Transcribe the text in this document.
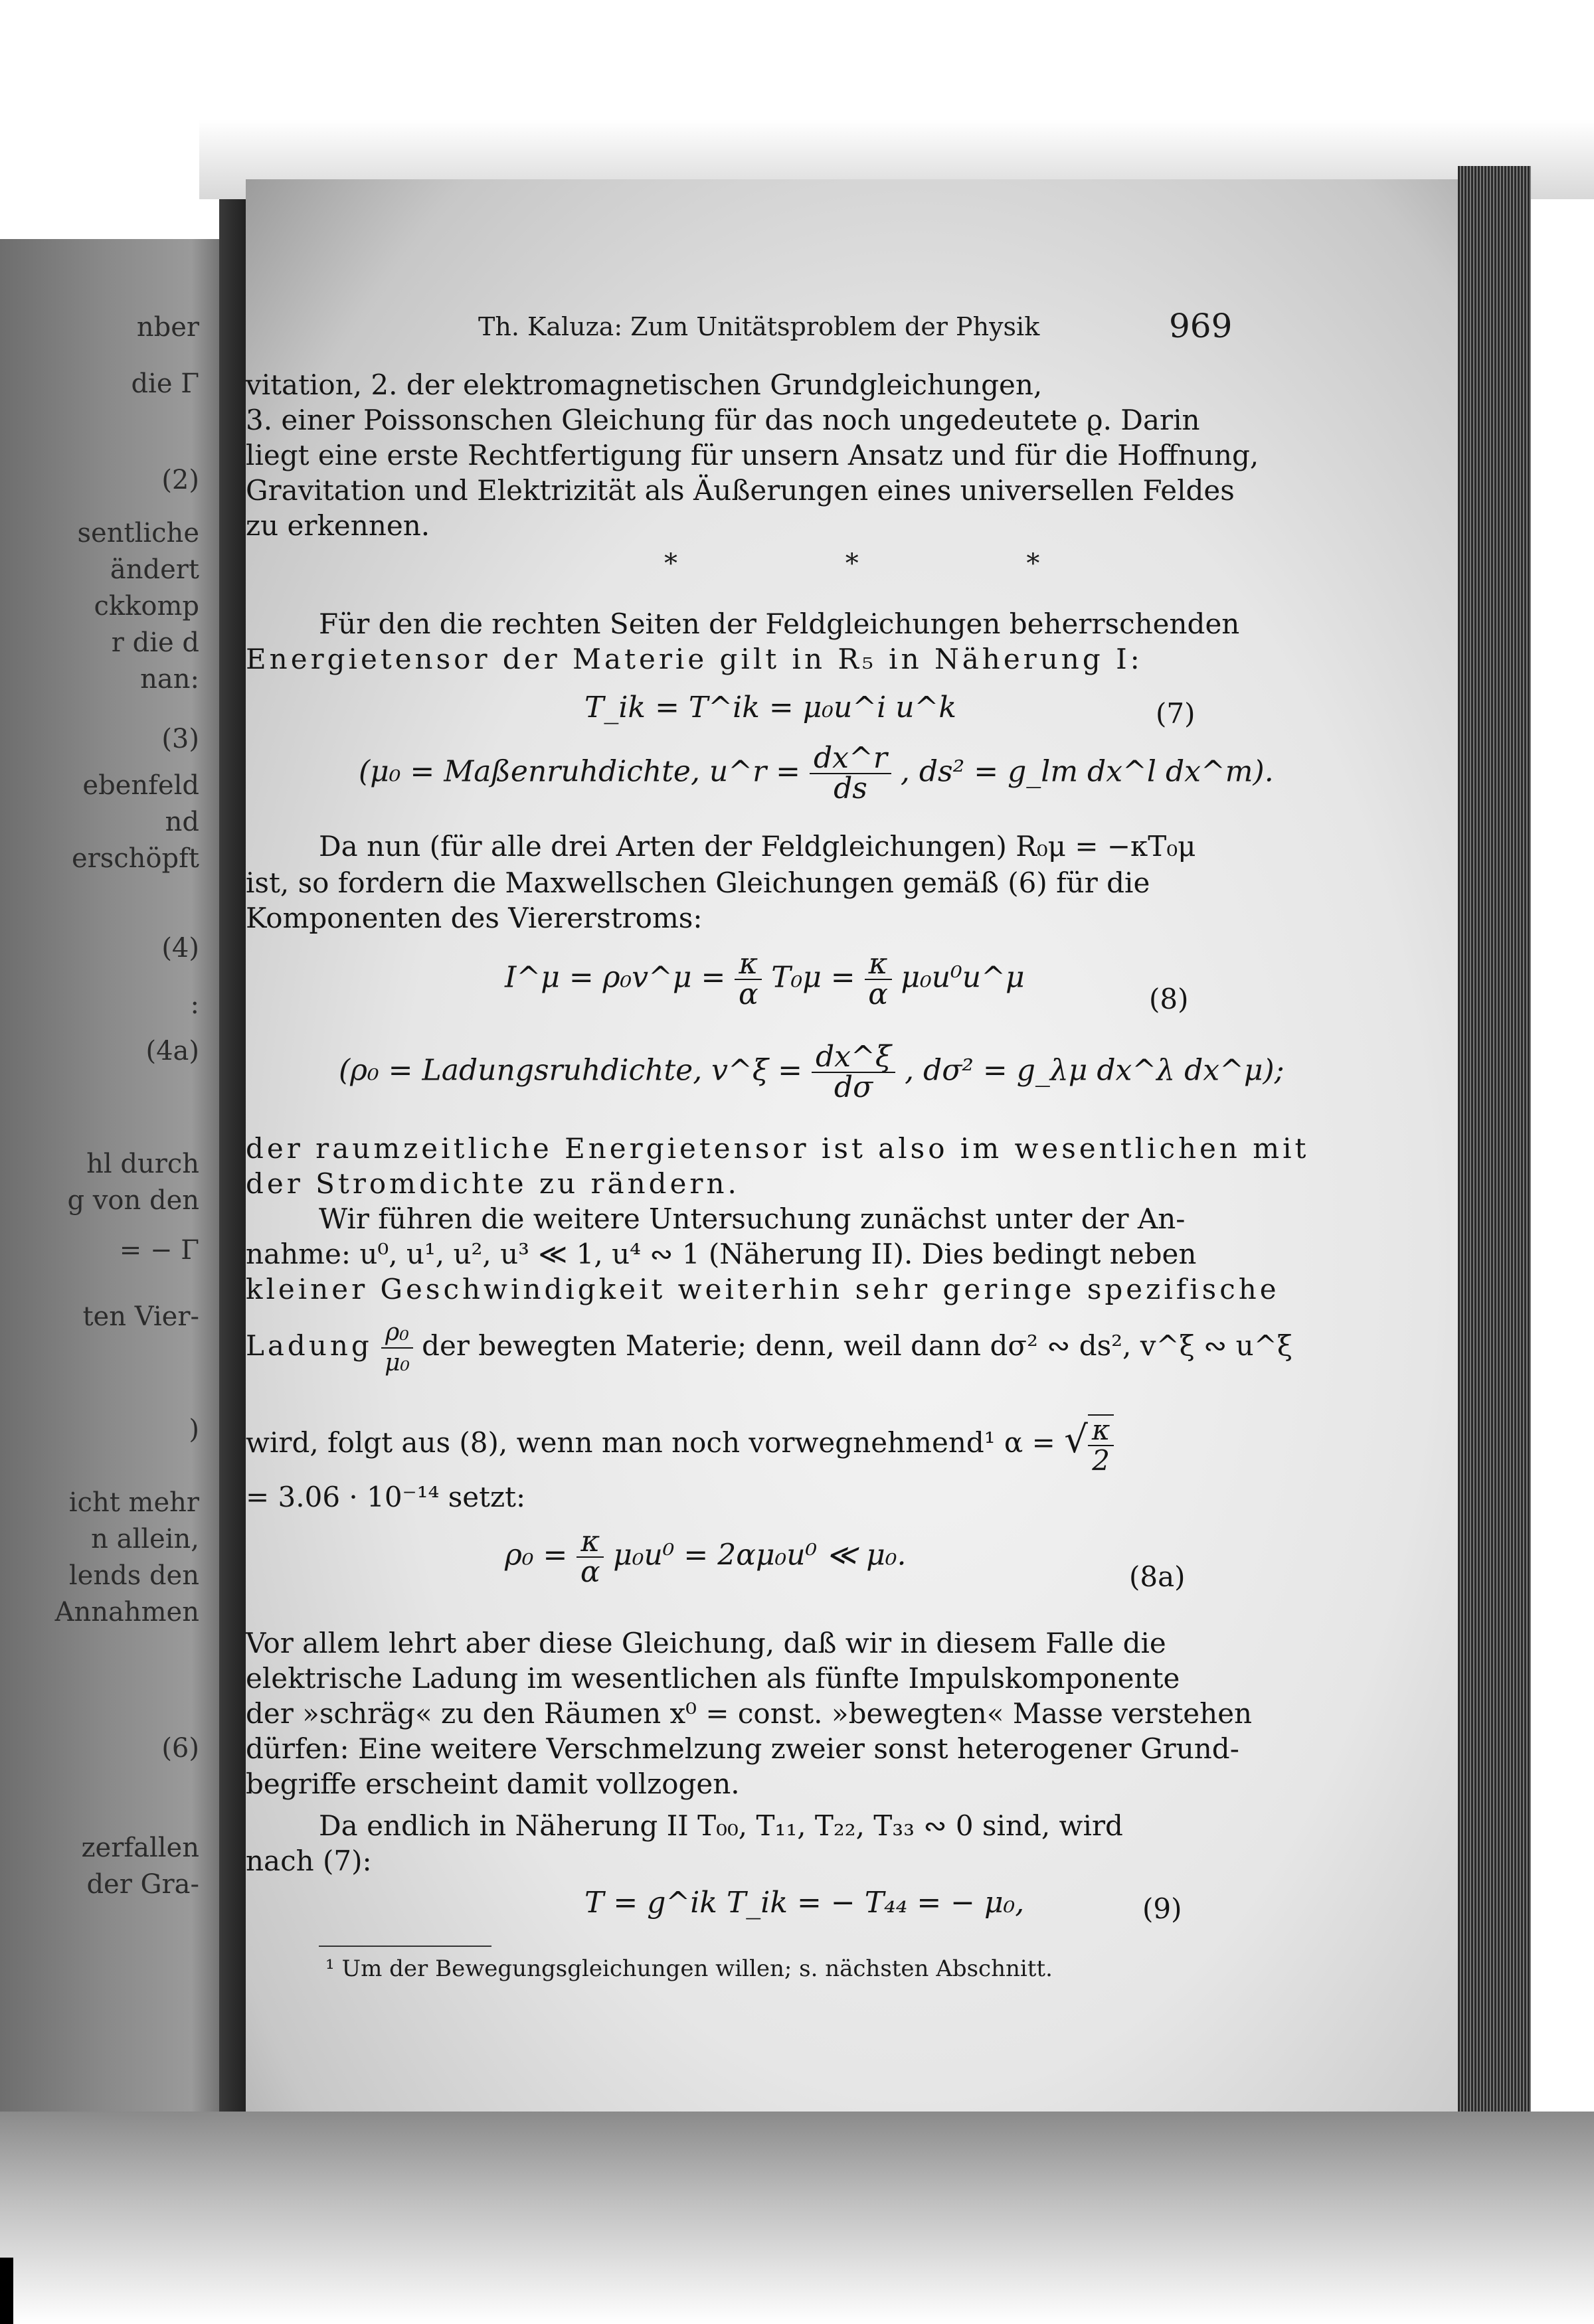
nber
die Γ
(2)
sentliche
ändert
ckkomp
r die d
nan:
(3)
ebenfeld
nd
erschöpft
(4)
:
(4a)
hl durch
g von den
= − Γ
ten Vier-
)
icht mehr
n allein,
lends den
Annahmen
(6)
zerfallen
der Gra-
Th. Kaluza: Zum Unitätsproblem der Physik	969
vitation, 2. der elektromagnetischen Grundgleichungen,
3. einer Poissonschen Gleichung für das noch ungedeutete ϱ. Darin
liegt eine erste Rechtfertigung für unsern Ansatz und für die Hoffnung,
Gravitation und Elektrizität als Äußerungen eines universellen Feldes
zu erkennen.
* * *
Für den die rechten Seiten der Feldgleichungen beherrschenden
Energietensor der Materie gilt in R₅ in Näherung I:
T_ik = T^ik = μ₀u^i u^k	(7)
(μ₀ = Maßenruhdichte, u^r = $\frac{dx\^{}r}{ds}$ , ds² = g_lm dx^l dx^m).
Da nun (für alle drei Arten der Feldgleichungen) R₀μ = −κT₀μ
ist, so fordern die Maxwellschen Gleichungen gemäß (6) für die
Komponenten des Viererstroms:
I^μ = ρ₀v^μ = $\frac{\kappa}{\alpha} T_0\mu = \frac{\kappa}{\alpha}$ μ₀u⁰u^μ
(8)
(ρ₀ = Ladungsruhdichte, v^ξ = $\frac{dx\^{}\xi}{d\sigma}$ , dσ² = g_λμ dx^λ dx^μ);
der raumzeitliche Energietensor ist also im wesentlichen mit
der Stromdichte zu rändern.
Wir führen die weitere Untersuchung zunächst unter der An-
nahme: u⁰, u¹, u², u³ ≪ 1, u⁴ ∾ 1 (Näherung II). Dies bedingt neben
kleiner Geschwindigkeit weiterhin sehr geringe spezifische
Ladung $\frac{\text{ρ₀}}{\text{μ₀}}$ der bewegten Materie; denn, weil dann dσ² ∾ ds², v^ξ ∾ u^ξ
wird, folgt aus (8), wenn man noch vorwegnehmend¹ α = √ $\frac{\kappa}{2}$
= 3.06 · 10⁻¹⁴ setzt:
$\rho_0 = \frac{\kappa}{\alpha} \mu_0u^0 = 2\alpha\mu_0u^0$ ≪ μ₀.
(8a)
Vor allem lehrt aber diese Gleichung, daß wir in diesem Falle die
elektrische Ladung im wesentlichen als fünfte Impulskomponente
der »schräg« zu den Räumen x⁰ = const. »bewegten« Masse verstehen
dürfen: Eine weitere Verschmelzung zweier sonst heterogener Grund-
begriffe erscheint damit vollzogen.
Da endlich in Näherung II T₀₀, T₁₁, T₂₂, T₃₃ ∾ 0 sind, wird
nach (7):
T = g^ik T_ik = − T₄₄ = − μ₀,	(9)
¹ Um der Bewegungsgleichungen willen; s. nächsten Abschnitt.
